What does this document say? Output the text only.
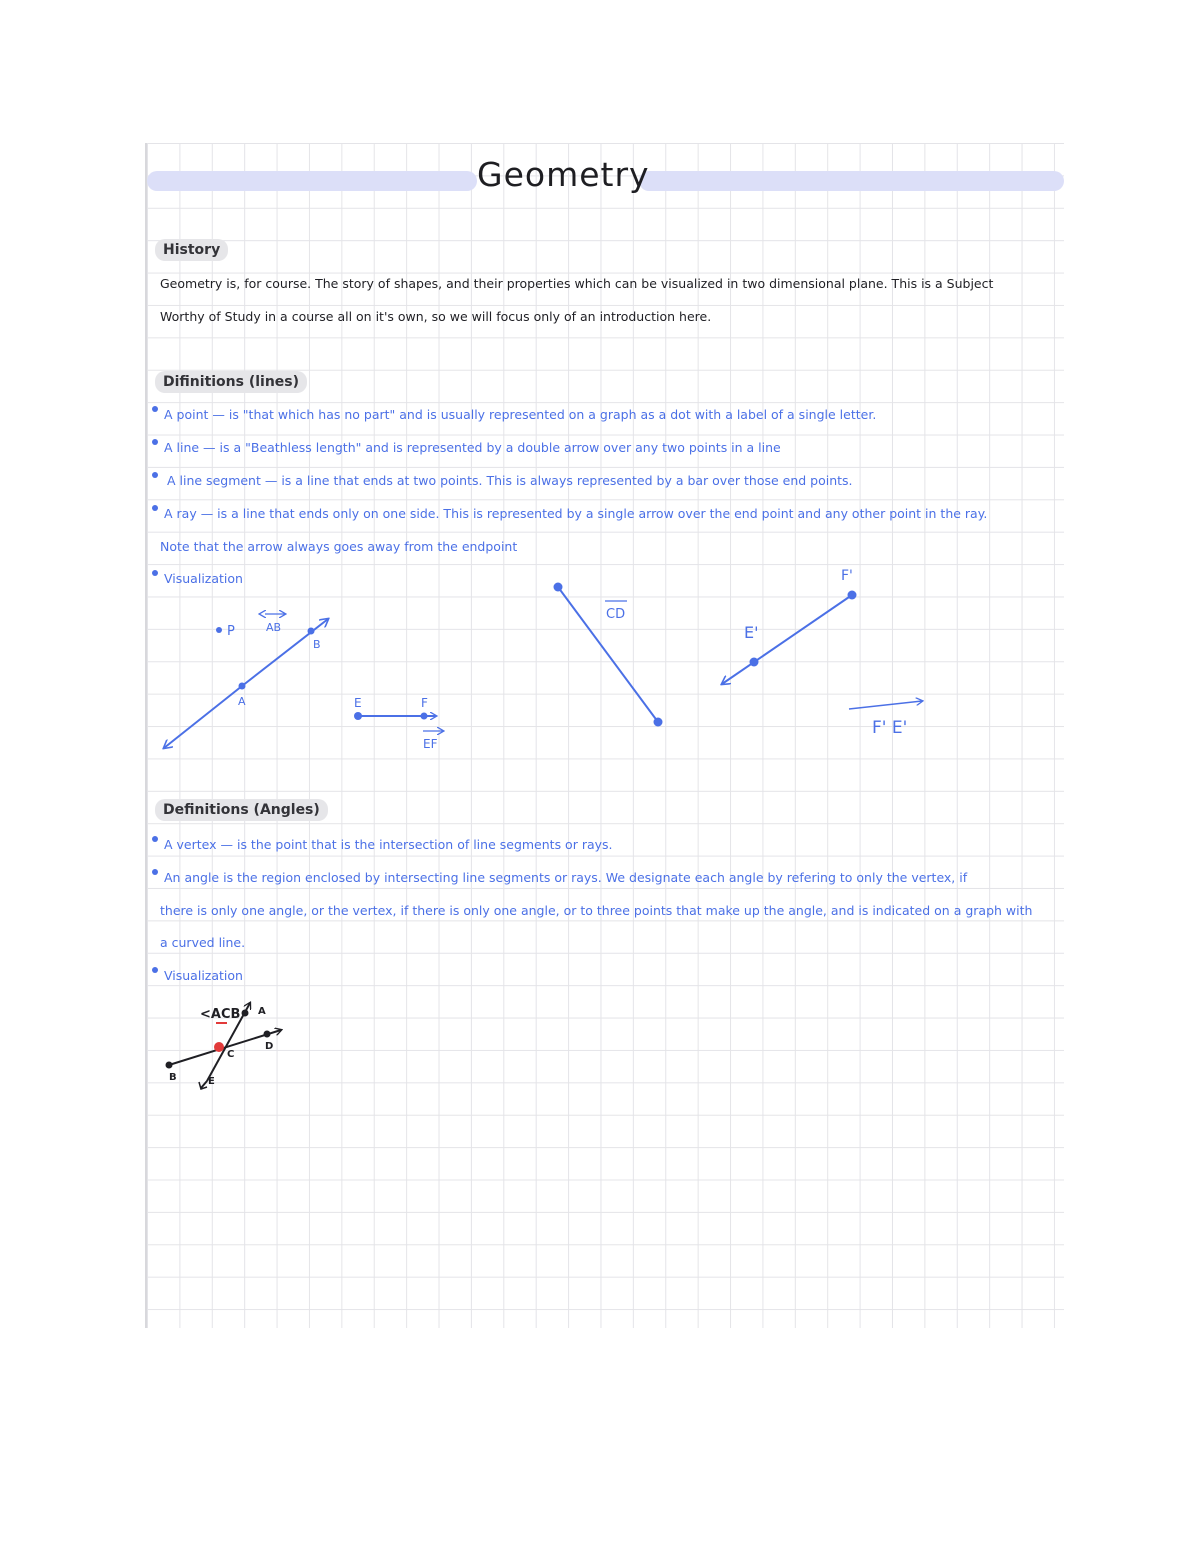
Geometry
History
Geometry is, for course. The story of shapes, and their properties which can be visualized in two dimensional plane. This is a Subject
Worthy of Study in a course all on it's own, so we will focus only of an introduction here.
Difinitions (lines)
A point — is "that which has no part" and is usually represented on a graph as a dot with a label of a single letter.
A line — is a "Beathless length" and is represented by a double arrow over any two points in a line
A line segment — is a line that ends at two points. This is always represented by a bar over those end points.
A ray — is a line that ends only on one side. This is represented by a single arrow over the end point and any other point in the ray.
Note that the arrow always goes away from the endpoint
Visualization
P	AB
A
B
E	F
EF
CD
F'
E'
F' E'
Definitions (Angles)
A vertex — is the point that is the intersection of line segments or rays.
An angle is the region enclosed by intersecting line segments or rays. We designate each angle by refering to only the vertex, if
there is only one angle, or the vertex, if there is only one angle, or to three points that make up the angle, and is indicated on a graph with
a curved line.
Visualization
<ACB A
B
C
D
E
